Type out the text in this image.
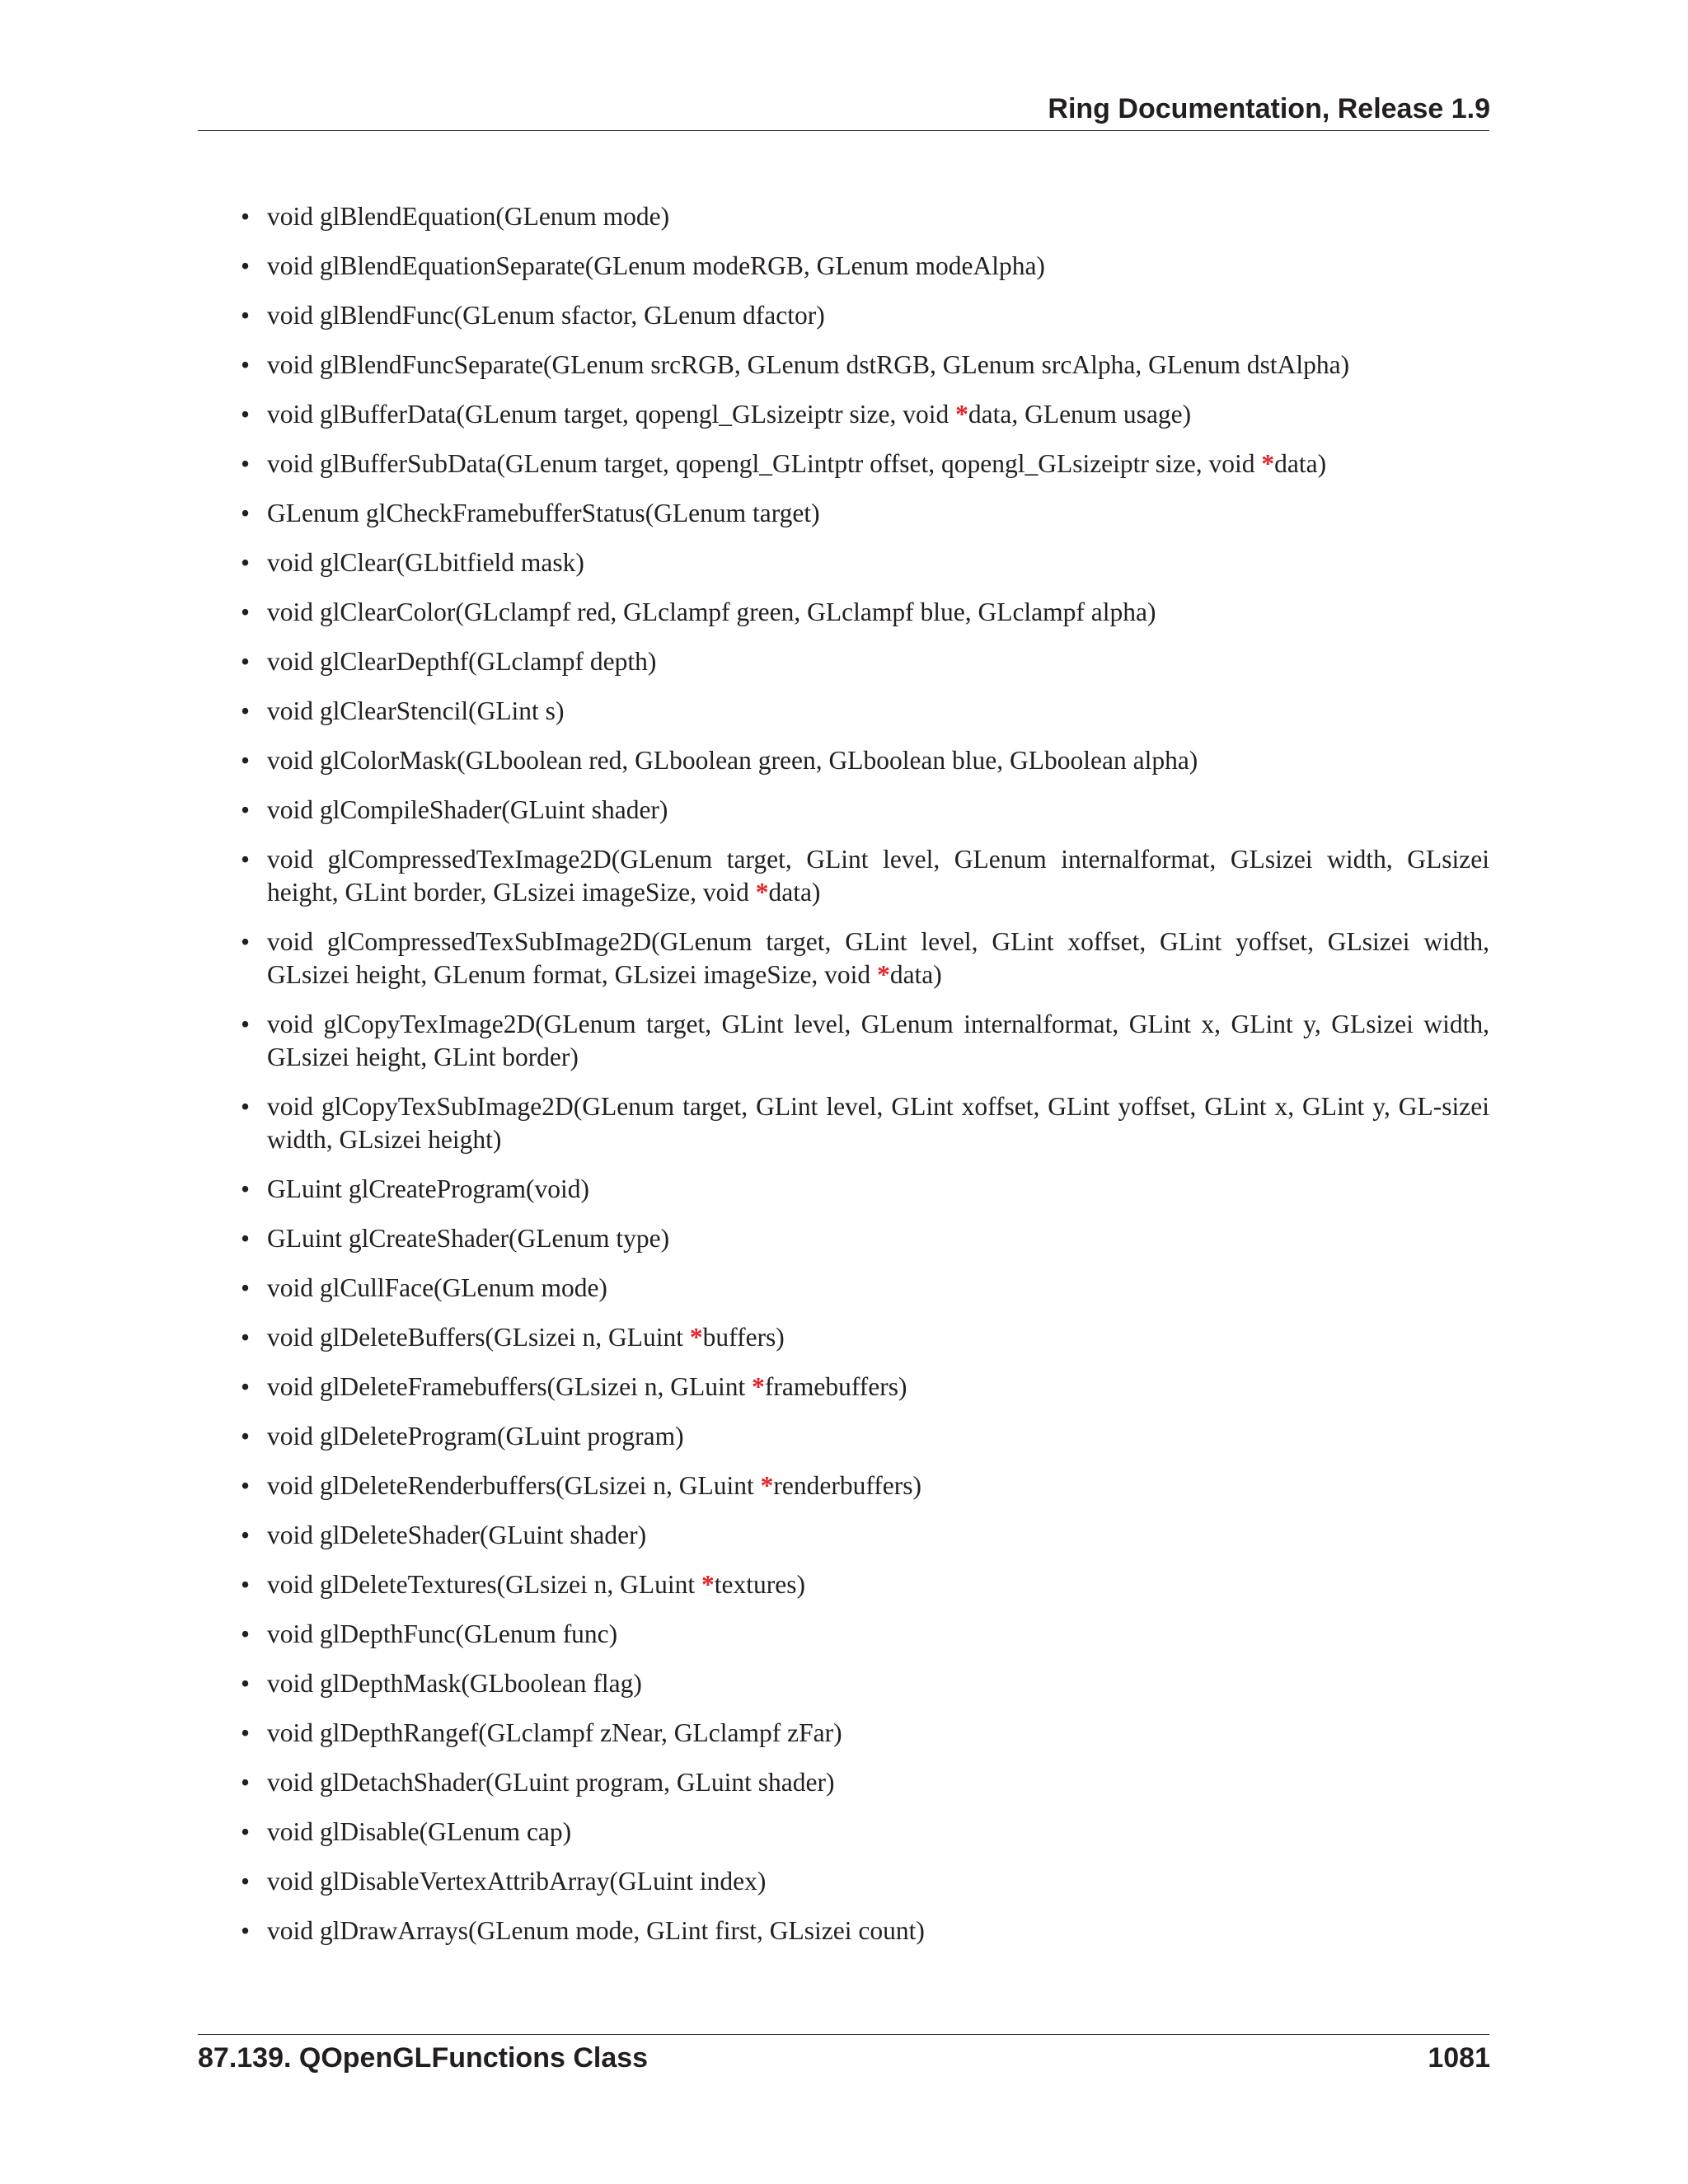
Ring Documentation, Release 1.9
• void glBlendEquation(GLenum mode)
• void glBlendEquationSeparate(GLenum modeRGB, GLenum modeAlpha)
• void glBlendFunc(GLenum sfactor, GLenum dfactor)
• void glBlendFuncSeparate(GLenum srcRGB, GLenum dstRGB, GLenum srcAlpha, GLenum dstAlpha)
• void glBufferData(GLenum target, qopengl_GLsizeiptr size, void *data, GLenum usage)
• void glBufferSubData(GLenum target, qopengl_GLintptr offset, qopengl_GLsizeiptr size, void *data)
• GLenum glCheckFramebufferStatus(GLenum target)
• void glClear(GLbitfield mask)
• void glClearColor(GLclampf red, GLclampf green, GLclampf blue, GLclampf alpha)
• void glClearDepthf(GLclampf depth)
• void glClearStencil(GLint s)
• void glColorMask(GLboolean red, GLboolean green, GLboolean blue, GLboolean alpha)
• void glCompileShader(GLuint shader)
• void glCompressedTexImage2D(GLenum target, GLint level, GLenum internalformat, GLsizei width, GLsizei height, GLint border, GLsizei imageSize, void *data)
• void glCompressedTexSubImage2D(GLenum target, GLint level, GLint xoffset, GLint yoffset, GLsizei width, GLsizei height, GLenum format, GLsizei imageSize, void *data)
• void glCopyTexImage2D(GLenum target, GLint level, GLenum internalformat, GLint x, GLint y, GLsizei width, GLsizei height, GLint border)
• void glCopyTexSubImage2D(GLenum target, GLint level, GLint xoffset, GLint yoffset, GLint x, GLint y, GL-sizei width, GLsizei height)
• GLuint glCreateProgram(void)
• GLuint glCreateShader(GLenum type)
• void glCullFace(GLenum mode)
• void glDeleteBuffers(GLsizei n, GLuint *buffers)
• void glDeleteFramebuffers(GLsizei n, GLuint *framebuffers)
• void glDeleteProgram(GLuint program)
• void glDeleteRenderbuffers(GLsizei n, GLuint *renderbuffers)
• void glDeleteShader(GLuint shader)
• void glDeleteTextures(GLsizei n, GLuint *textures)
• void glDepthFunc(GLenum func)
• void glDepthMask(GLboolean flag)
• void glDepthRangef(GLclampf zNear, GLclampf zFar)
• void glDetachShader(GLuint program, GLuint shader)
• void glDisable(GLenum cap)
• void glDisableVertexAttribArray(GLuint index)
• void glDrawArrays(GLenum mode, GLint first, GLsizei count)
87.139. QOpenGLFunctions Class	1081
